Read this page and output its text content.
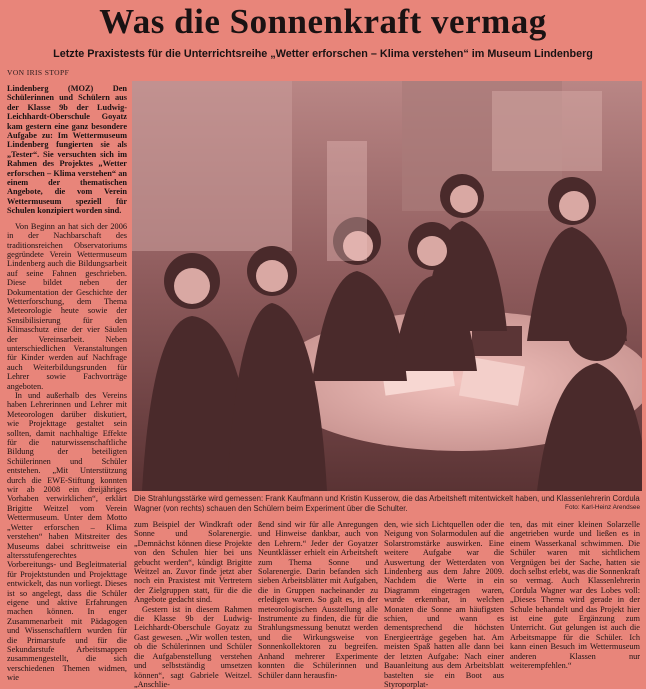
Was die Sonnenkraft vermag
Letzte Praxistests für die Unterrichtsreihe „Wetter erforschen – Klima verstehen“ im Museum Lindenberg
VON IRIS STOPF

Lindenberg (MOZ) Den Schülerinnen und Schülern aus der Klasse 9b der Ludwig-Leichhardt-Oberschule Goyatz kam gestern eine ganz besondere Aufgabe zu: Im Wettermuseum Lindenberg fungierten sie als „Tester“. Sie versuchten sich im Rahmen des Projektes „Wetter erforschen – Klima verstehen“ an einem der thematischen Angebote, die vom Verein Wettermuseum speziell für Schulen konzipiert worden sind.

Von Beginn an hat sich der 2006 in der Nachbarschaft des traditionsreichen Observatoriums gegründete Verein Wettermuseum Lindenberg auch die Bildungsarbeit auf seine Fahnen geschrieben. Diese bildet neben der Dokumentation der Geschichte der Wetterforschung, dem Thema Meteorologie heute sowie der Sensibilisierung für den Klimaschutz eine der vier Säulen der Vereinsarbeit. Neben unterschiedlichen Veranstaltungen für Kinder werden auf Nachfrage auch Weiterbildungsrunden für Lehrer sowie Fachvorträge angeboten.

In und außerhalb des Vereins haben Lehrerinnen und Lehrer mit Meteorologen darüber diskutiert, wie Projekttage gestaltet sein sollten, damit nachhaltige Effekte für die naturwissenschaftliche Bildung der beteiligten Schülerinnen und Schüler entstehen. „Mit Unterstützung durch die EWE-Stiftung konnten wir ab 2008 ein dreijähriges Vorhaben verwirklichen“, erklärt Brigitte Weitzel vom Verein Wettermuseum. Unter dem Motto „Wetter erforschen – Klima verstehen“ haben Mitstreiter des Museums dabei schrittweise ein altersstufengerechtes Vorbereitungs- und Begleitmaterial für Projektstunden und Projekttage entwickelt, das nun vorliegt. Dieses ist so angelegt, dass die Schüler eigene und aktive Erfahrungen machen können. In enger Zusammenarbeit mit Pädagogen und Wissenschaftlern wurden für die Primarstufe und für die Sekundarstufe Arbeitsmappen zusammengestellt, die sich verschiedenen Themen widmen, wie

Die Strahlungsstärke wird gemessen: Frank Kaufmann und Kristin Kusserow, die das Arbeitsheft mitentwickelt haben, und Klassenlehrerin Cordula Wagner (von rechts) schauen den Schülern beim Experiment über die Schulter.	Foto: Karl-Heinz Arendsee

zum Beispiel der Windkraft oder Sonne und Solarenergie. „Demnächst können diese Projekte von den Schulen hier bei uns gebucht werden“, kündigt Brigitte Weitzel an. Zuvor finde jetzt aber noch ein Praxistest mit Vertretern der Zielgruppen statt, für die die Angebote gedacht sind.

Gestern ist in diesem Rahmen die Klasse 9b der Ludwig-Leichhardt-Oberschule Goyatz zu Gast gewesen. „Wir wollen testen, ob die Schülerinnen und Schüler die Aufgabenstellung verstehen und selbstständig umsetzen können“, sagt Gabriele Weitzel. „Anschlie-

ßend sind wir für alle Anregungen und Hinweise dankbar, auch von den Lehrern.“ Jeder der Goyatzer Neuntklässer erhielt ein Arbeitsheft zum Thema Sonne und Solarenergie. Darin befanden sich sieben Arbeitsblätter mit Aufgaben, die in Gruppen nacheinander zu erledigen waren. So galt es, in der meteorologischen Ausstellung alle Instrumente zu finden, die für die Strahlungsmessung benutzt werden und die Wirkungsweise von Sonnenkollektoren zu begreifen. Anhand mehrerer Experimente konnten die Schülerinnen und Schüler dann herausfin-

den, wie sich Lichtquellen oder die Neigung von Solarmodulen auf die Solarstromstärke auswirken. Eine weitere Aufgabe war die Auswertung der Wetterdaten von Lindenberg aus dem Jahre 2009. Nachdem die Werte in ein Diagramm eingetragen waren, wurde erkennbar, in welchen Monaten die Sonne am häufigsten schien, und wann es dementsprechend die höchsten Energieerträge gegeben hat. Am meisten Spaß hatten alle dann bei der letzten Aufgabe: Nach einer Bauanleitung aus dem Arbeitsblatt bastelten sie ein Boot aus Styroporplat-

ten, das mit einer kleinen Solarzelle angetrieben wurde und ließen es in einem Wasserkanal schwimmen. Die Schüler waren mit sichtlichem Vergnügen bei der Sache, hatten sie doch selbst erlebt, was die Sonnenkraft so vermag. Auch Klassenlehrerin Cordula Wagner war des Lobes voll: „Dieses Thema wird gerade in der Schule behandelt und das Projekt hier ist eine gute Ergänzung zum Unterricht. Gut gelungen ist auch die Arbeitsmappe für die Schüler. Ich kann einen Besuch im Wettermuseum anderen Klassen nur weiterempfehlen.“
